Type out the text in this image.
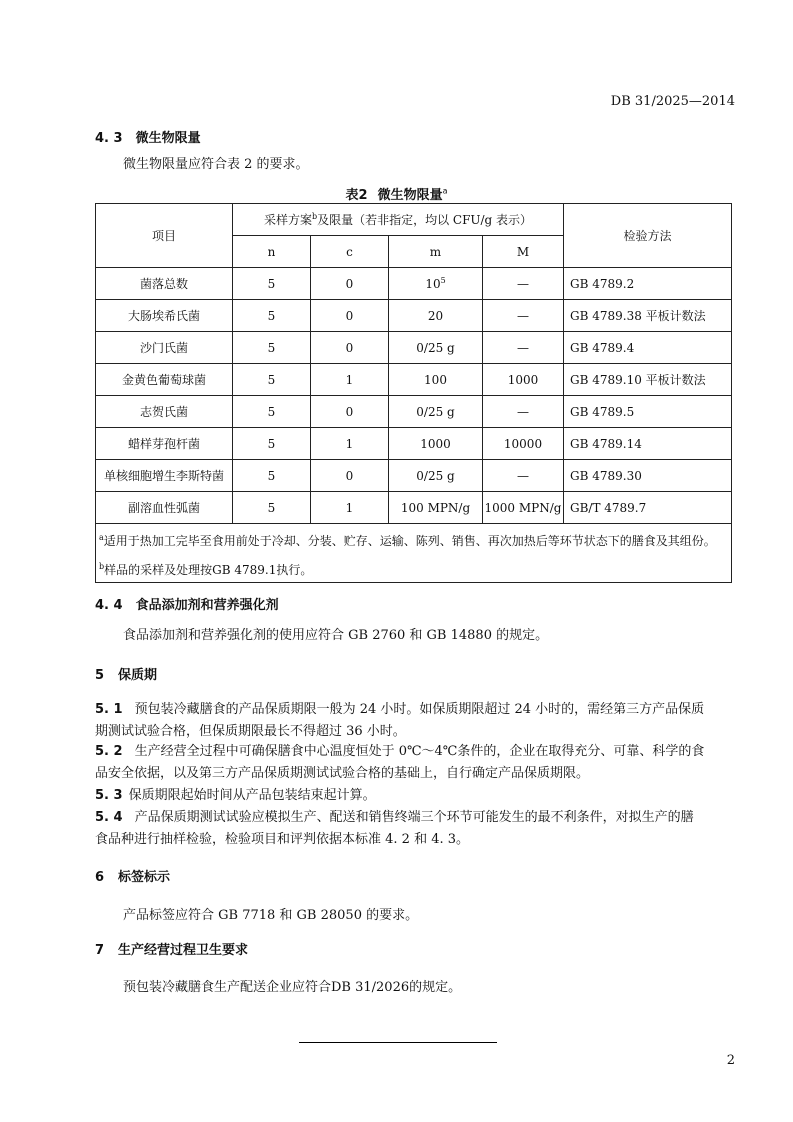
DB 31/2025—2014
4. 3 微生物限量
微生物限量应符合表 2 的要求。
表2 微生物限量$^a$
项目	采样方案$^b$及限量（若非指定，均以 CFU/g 表示）				检验方法
	n	c	m	M	
菌落总数	5	0	$10^5$	—	GB 4789.2
大肠埃希氏菌	5	0	20	—	GB 4789.38 平板计数法
沙门氏菌	5	0	0/25 g	—	GB 4789.4
金黄色葡萄球菌	5	1	100	1000	GB 4789.10 平板计数法
志贺氏菌	5	0	0/25 g	—	GB 4789.5
蜡样芽孢杆菌	5	1	1000	10000	GB 4789.14
单核细胞增生李斯特菌	5	0	0/25 g	—	GB 4789.30
副溶血性弧菌	5	1	100 MPN/g	1000 MPN/g	GB/T 4789.7
$^a$适用于热加工完毕至食用前处于冷却、分装、贮存、运输、陈列、销售、再次加热后等环节状态下的膳食及其组份。					
$^b$样品的采样及处理按GB 4789.1执行。					
4. 4 食品添加剂和营养强化剂
食品添加剂和营养强化剂的使用应符合 GB 2760 和 GB 14880 的规定。
5 保质期
5. 1 预包装冷藏膳食的产品保质期限一般为 24 小时。如保质期限超过 24 小时的，需经第三方产品保质
期测试试验合格，但保质期限最长不得超过 36 小时。
5. 2 生产经营全过程中可确保膳食中心温度恒处于 0℃～4℃条件的，企业在取得充分、可靠、科学的食
品安全依据，以及第三方产品保质期测试试验合格的基础上，自行确定产品保质期限。
5. 3 保质期限起始时间从产品包装结束起计算。
5. 4 产品保质期测试试验应模拟生产、配送和销售终端三个环节可能发生的最不利条件，对拟生产的膳
食品种进行抽样检验，检验项目和评判依据本标准 4. 2 和 4. 3。
6 标签标示
产品标签应符合 GB 7718 和 GB 28050 的要求。
7 生产经营过程卫生要求
预包装冷藏膳食生产配送企业应符合DB 31/2026的规定。
2
